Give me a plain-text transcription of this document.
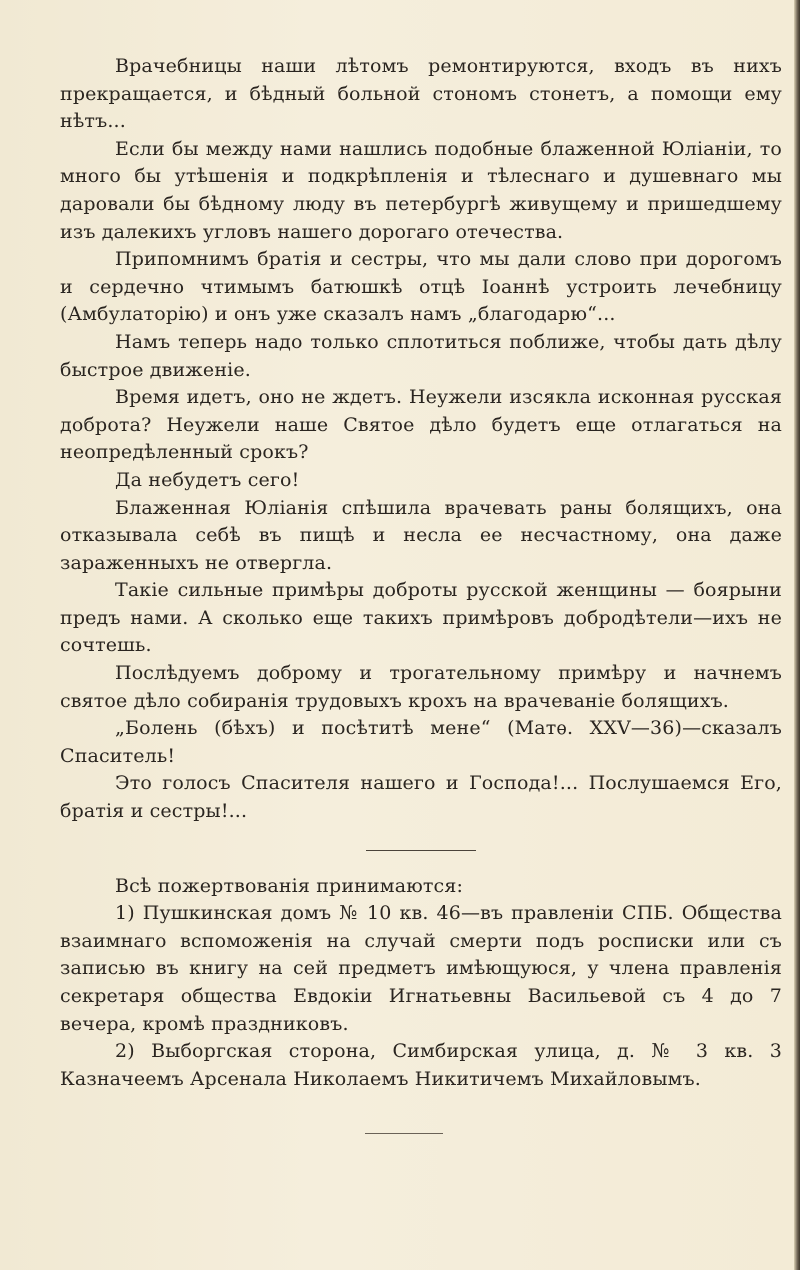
Врачебницы наши лѣтомъ ремонтируются, входъ въ нихъ прекращается, и бѣдный больной стономъ стонетъ, а помощи ему нѣтъ...

Если бы между нами нашлись подобные блаженной Юліаніи, то много бы утѣшенія и подкрѣпленія и тѣлеснаго и душевнаго мы даровали бы бѣдному люду въ петербургѣ живущему и пришедшему изъ далекихъ угловъ нашего дорогаго отечества.

Припомнимъ братія и сестры, что мы дали слово при дорогомъ и сердечно чтимымъ батюшкѣ отцѣ Іоаннѣ устроить лечебницу (Амбулаторію) и онъ уже сказалъ намъ „благодарю“...

Намъ теперь надо только сплотиться поближе, чтобы дать дѣлу быстрое движеніе.

Время идетъ, оно не ждетъ. Неужели изсякла исконная русская доброта? Неужели наше Святое дѣло будетъ еще отлагаться на неопредѣленный срокъ?

Да небудетъ сего!

Блаженная Юліанія спѣшила врачевать раны болящихъ, она отказывала себѣ въ пищѣ и несла ее несчастному, она даже зараженныхъ не отвергла.

Такіе сильные примѣры доброты русской женщины — боярыни предъ нами. А сколько еще такихъ примѣровъ добродѣтели—ихъ не сочтешь.

Послѣдуемъ доброму и трогательному примѣру и начнемъ святое дѣло собиранія трудовыхъ крохъ на врачеваніе болящихъ.

„Болень (бѣхъ) и посѣтитѣ мене“ (Матѳ. XXV—36)—сказалъ Спаситель!

Это голосъ Спасителя нашего и Господа!... Послушаемся Его, братія и сестры!...

Всѣ пожертвованія принимаются:

1) Пушкинская домъ № 10 кв. 46—въ правленіи СПБ. Общества взаимнаго вспоможенія на случай смерти подъ росписки или съ записью въ книгу на сей предметъ имѣющуюся, у члена правленія секретаря общества Евдокіи Игнатьевны Васильевой съ 4 до 7 вечера, кромѣ праздниковъ.

2) Выборгская сторона, Симбирская улица, д. № 3 кв. 3 Казначеемъ Арсенала Николаемъ Никитичемъ Михайловымъ.
